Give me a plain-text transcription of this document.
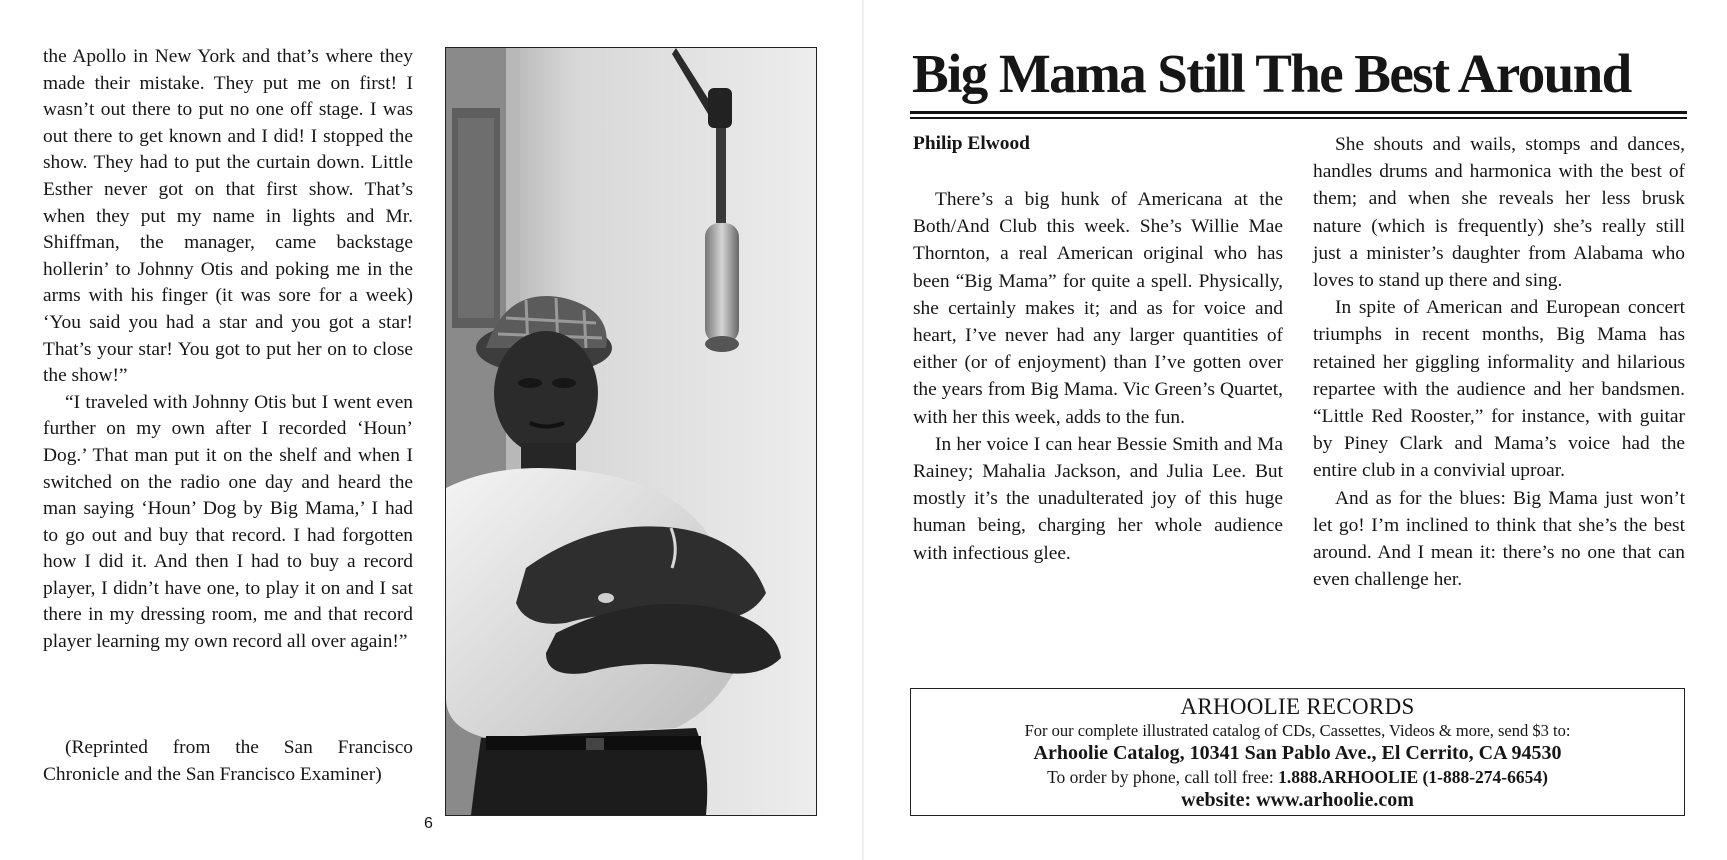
the Apollo in New York and that’s where they made their mistake. They put me on first! I wasn’t out there to put no one off stage. I was out there to get known and I did! I stopped the show. They had to put the curtain down. Little Esther never got on that first show. That’s when they put my name in lights and Mr. Shiffman, the manager, came backstage hollerin’ to Johnny Otis and poking me in the arms with his finger (it was sore for a week) ‘You said you had a star and you got a star! That’s your star! You got to put her on to close the show!”

“I traveled with Johnny Otis but I went even further on my own after I recorded ‘Houn’ Dog.’ That man put it on the shelf and when I switched on the radio one day and heard the man saying ‘Houn’ Dog by Big Mama,’ I had to go out and buy that record. I had forgotten how I did it. And then I had to buy a record player, I didn’t have one, to play it on and I sat there in my dressing room, me and that record player learning my own record all over again!”

(Reprinted from the San Francisco Chronicle and the San Francisco Examiner)

6
Big Mama Still The Best Around
Philip Elwood

There’s a big hunk of Americana at the Both/And Club this week. She’s Willie Mae Thornton, a real American original who has been “Big Mama” for quite a spell. Physically, she certainly makes it; and as for voice and heart, I’ve never had any larger quantities of either (or of enjoyment) than I’ve gotten over the years from Big Mama. Vic Green’s Quartet, with her this week, adds to the fun.

In her voice I can hear Bessie Smith and Ma Rainey; Mahalia Jackson, and Julia Lee. But mostly it’s the unadulterated joy of this huge human being, charging her whole audience with infectious glee.

She shouts and wails, stomps and dances, handles drums and harmonica with the best of them; and when she reveals her less brusk nature (which is frequently) she’s really still just a minister’s daughter from Alabama who loves to stand up there and sing.

In spite of American and European concert triumphs in recent months, Big Mama has retained her giggling informality and hilarious repartee with the audience and her bandsmen. “Little Red Rooster,” for instance, with guitar by Piney Clark and Mama’s voice had the entire club in a convivial uproar.

And as for the blues: Big Mama just won’t let go! I’m inclined to think that she’s the best around. And I mean it: there’s no one that can even challenge her.

ARHOOLIE RECORDS
For our complete illustrated catalog of CDs, Cassettes, Videos & more, send $3 to:
Arhoolie Catalog, 10341 San Pablo Ave., El Cerrito, CA 94530
To order by phone, call toll free: 1.888.ARHOOLIE (1-888-274-6654)
website: www.arhoolie.com
